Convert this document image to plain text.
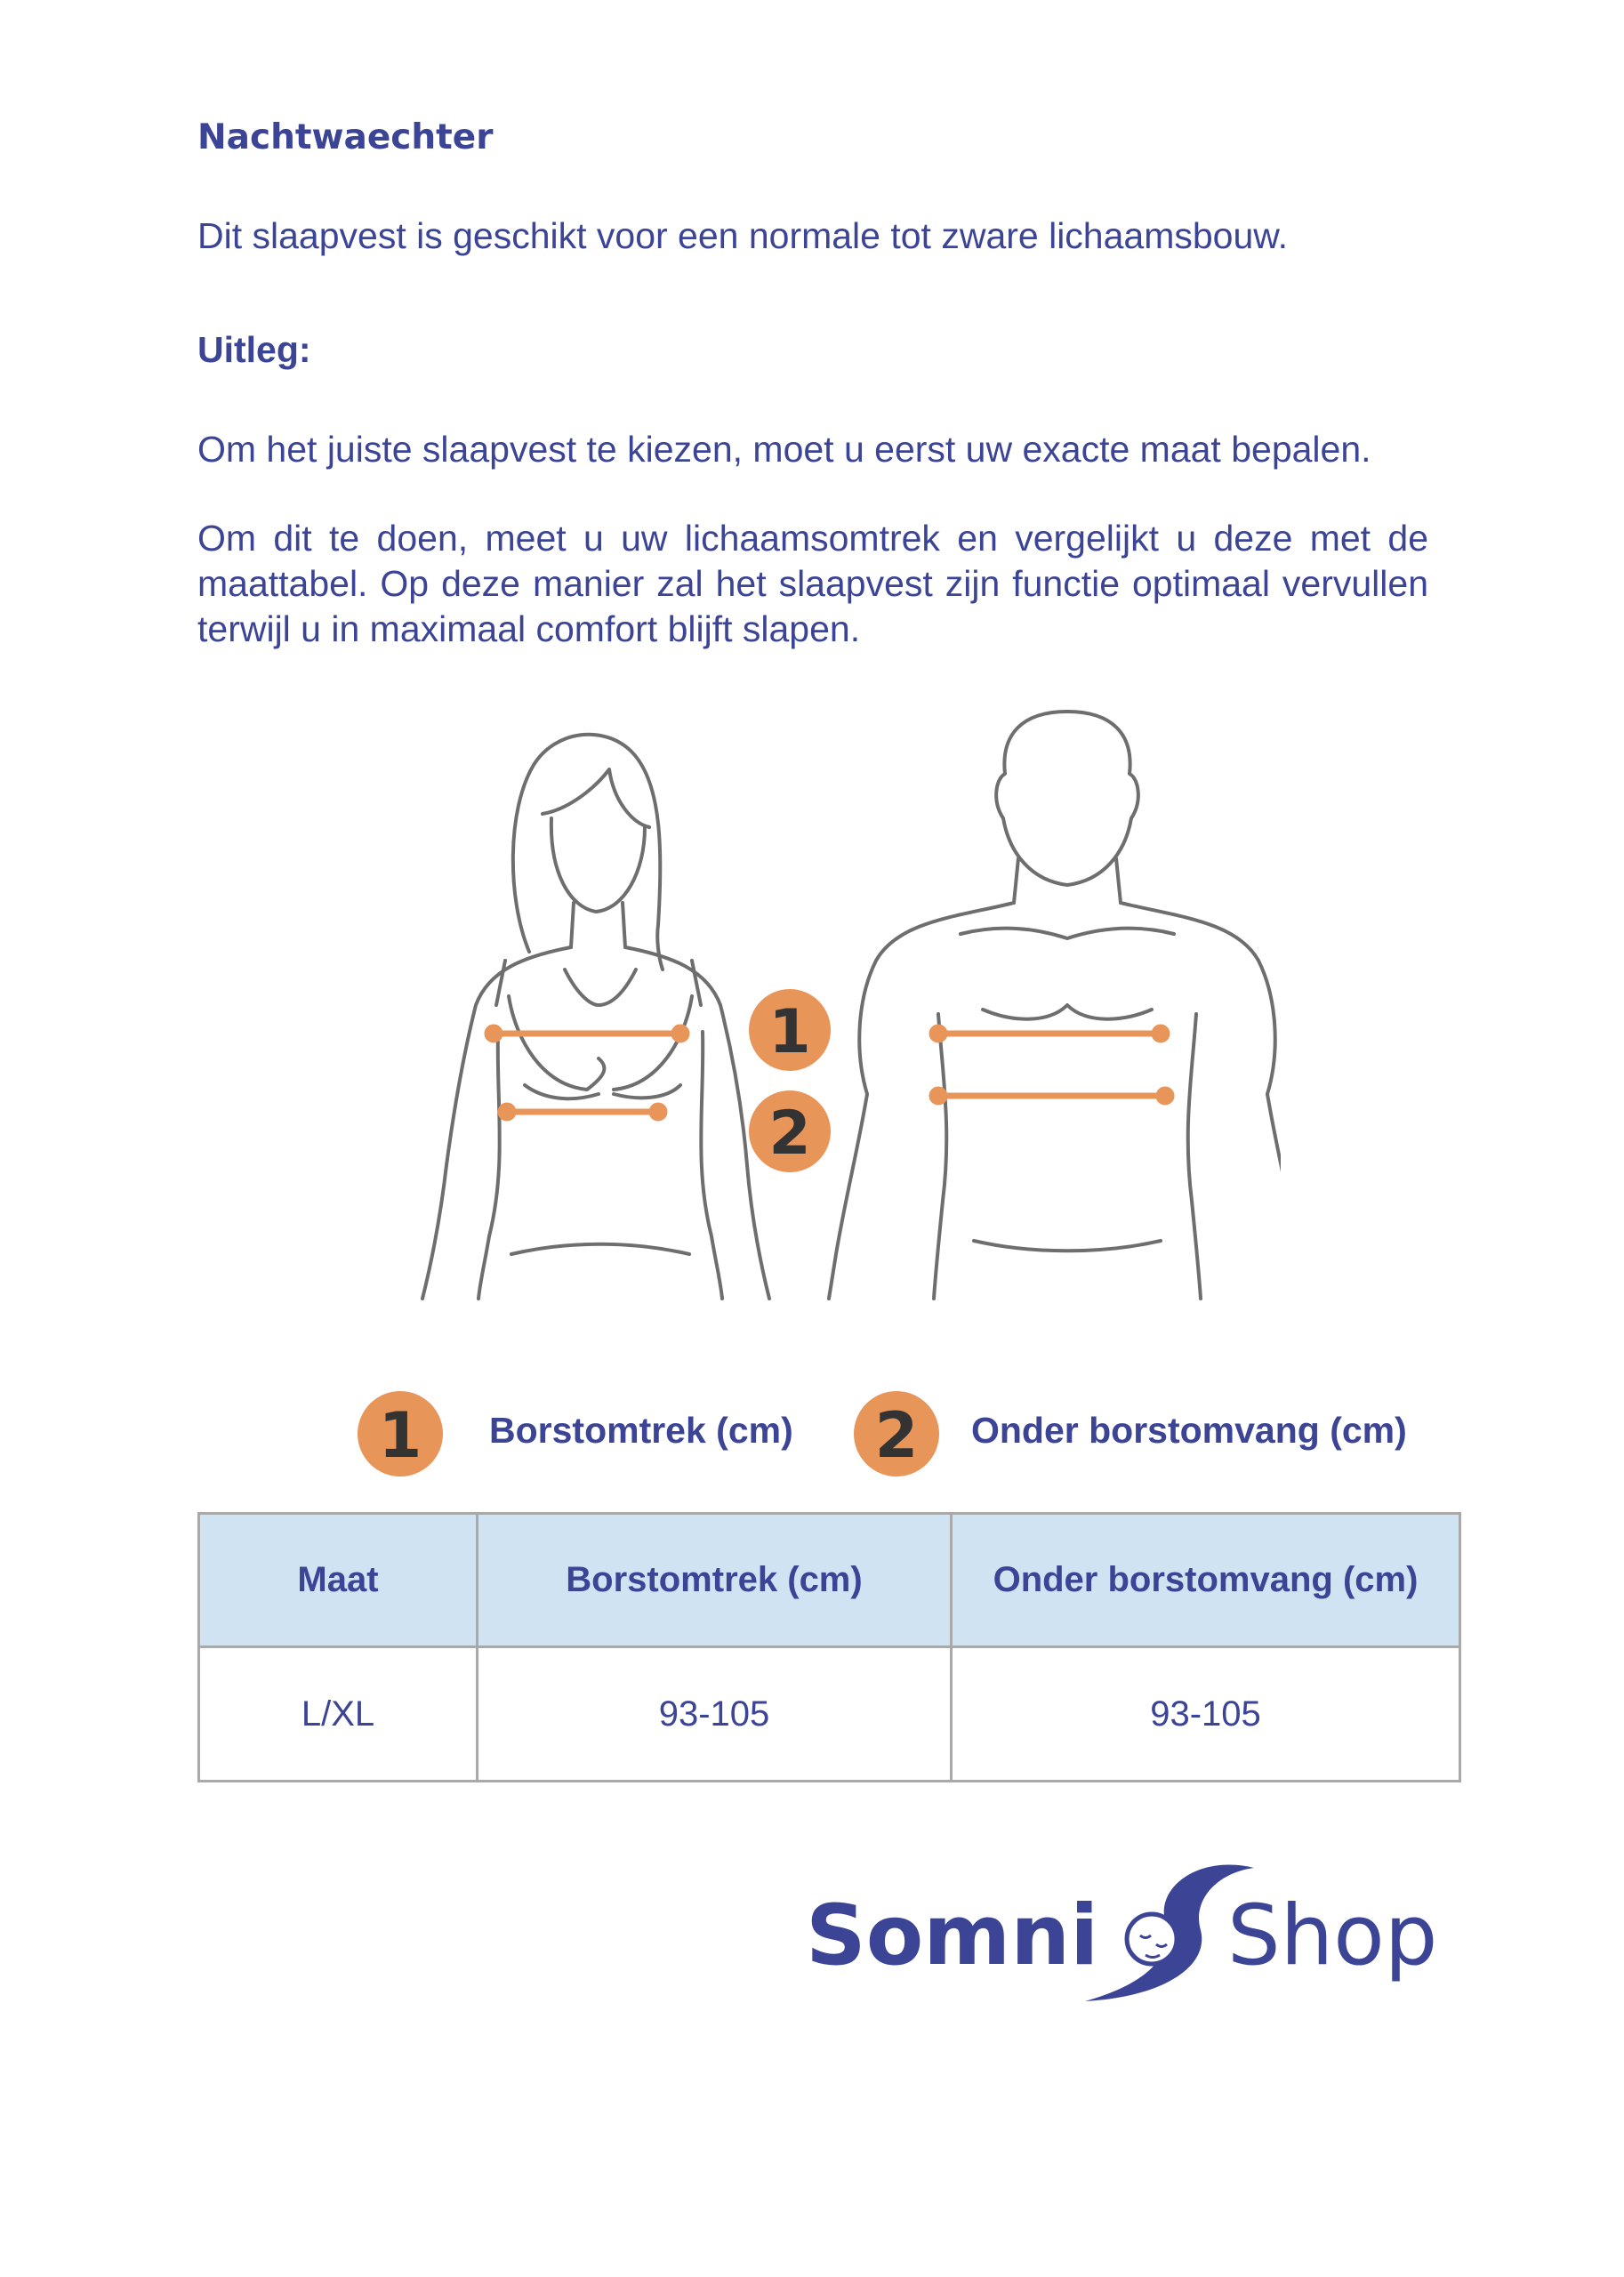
Nachtwaechter
Dit slaapvest is geschikt voor een normale tot zware lichaamsbouw.
Uitleg:
Om het juiste slaapvest te kiezen, moet u eerst uw exacte maat bepalen.
Om dit te doen, meet u uw lichaamsomtrek en vergelijkt u deze met de maattabel. Op deze manier zal het slaapvest zijn functie optimaal vervullen terwijl u in maximaal comfort blijft slapen.
1
2
1 Borstomtrek (cm) 2 Onder borstomvang (cm)
Maat	Borstomtrek (cm)	Onder borstomvang (cm)
L/XL	93-105	93-105
Somni Shop
